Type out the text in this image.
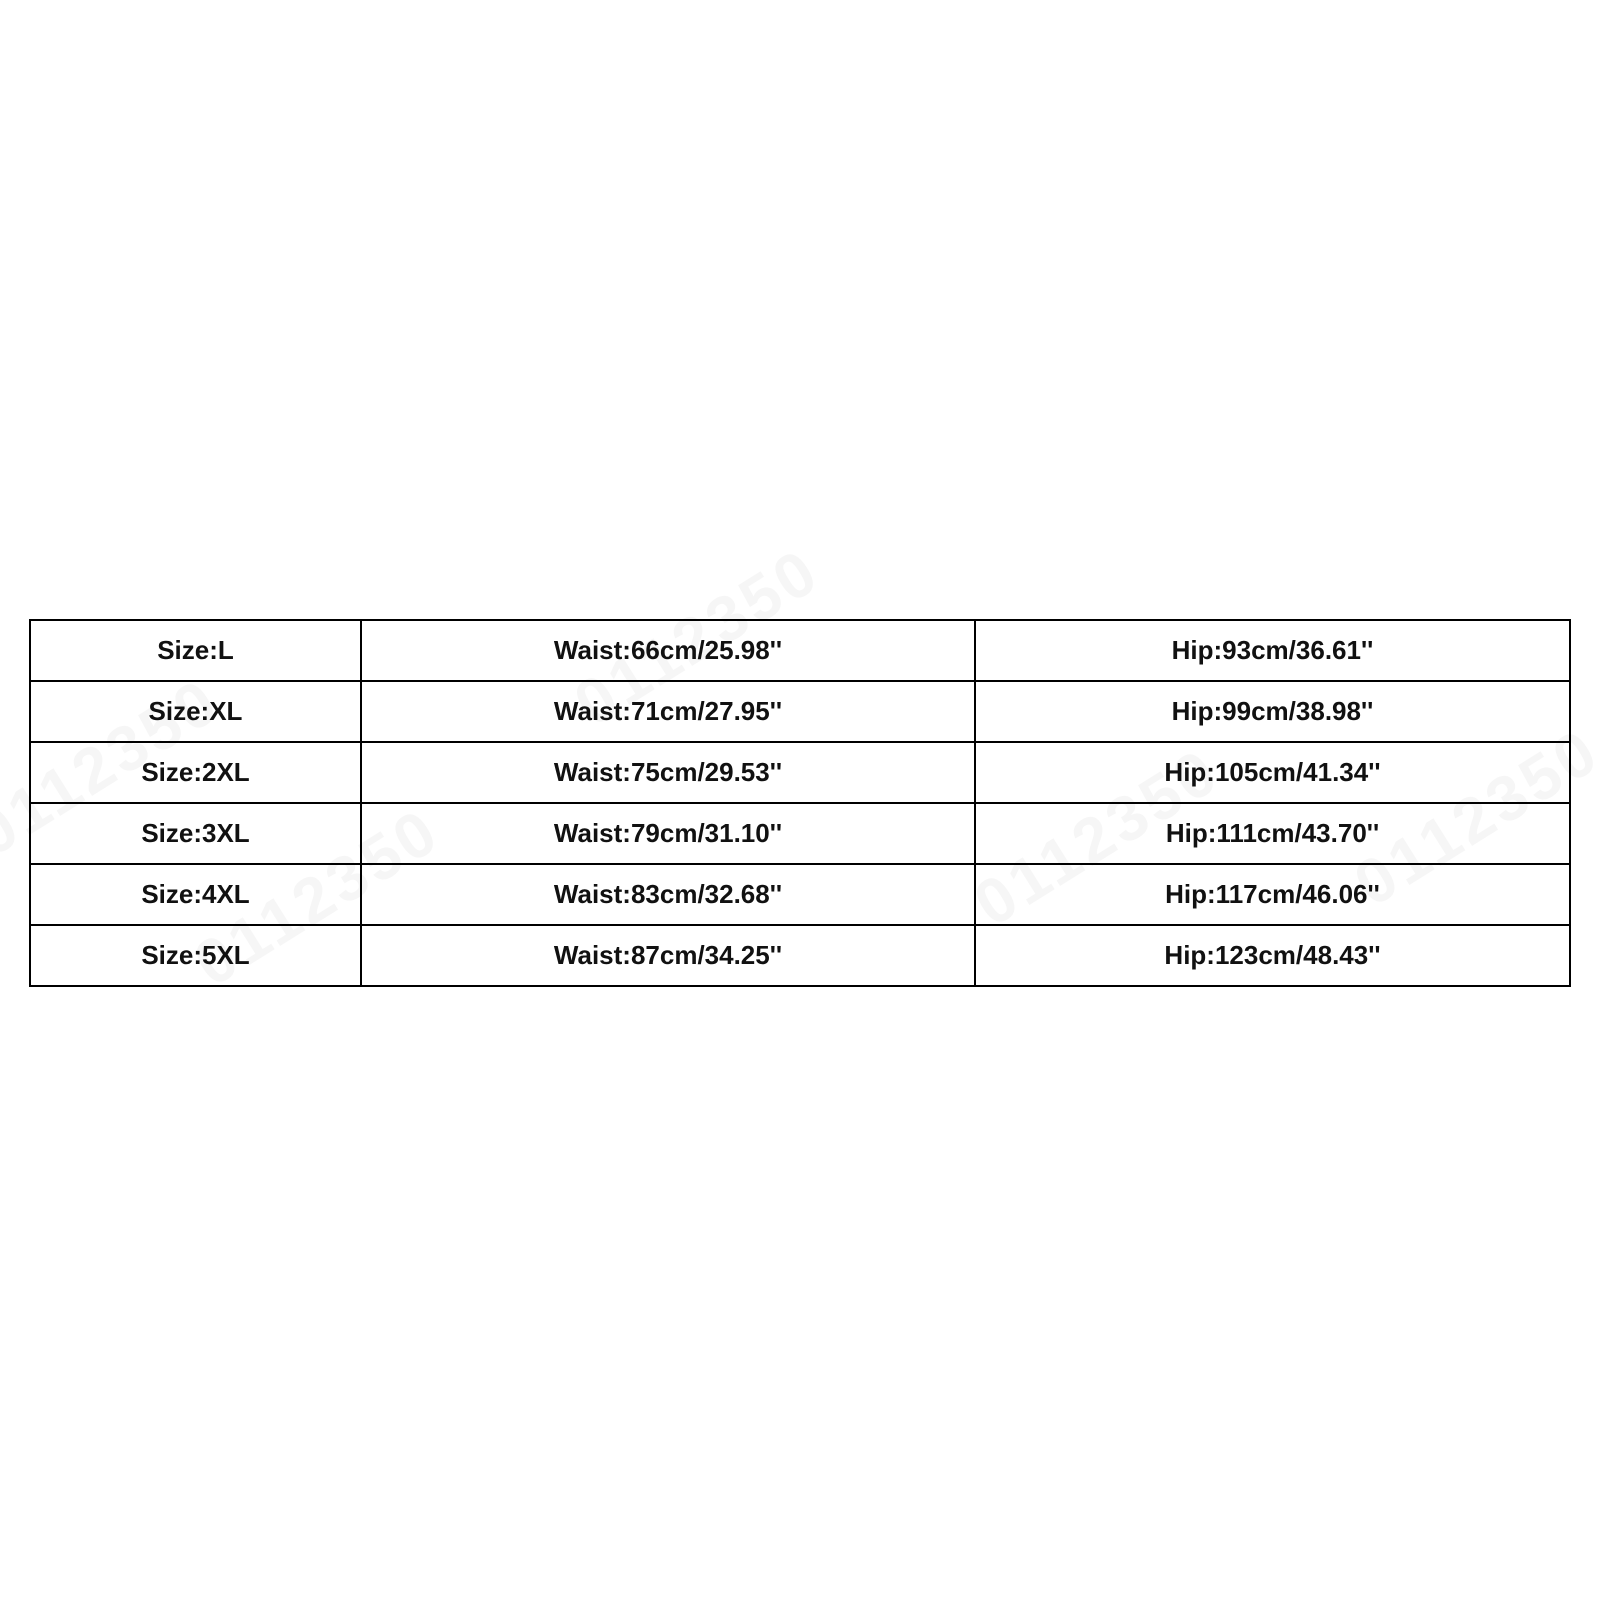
Size:L	Waist:66cm/25.98''	Hip:93cm/36.61''
Size:XL	Waist:71cm/27.95''	Hip:99cm/38.98''
Size:2XL	Waist:75cm/29.53''	Hip:105cm/41.34''
Size:3XL	Waist:79cm/31.10''	Hip:111cm/43.70''
Size:4XL	Waist:83cm/32.68''	Hip:117cm/46.06''
Size:5XL	Waist:87cm/34.25''	Hip:123cm/48.43''
